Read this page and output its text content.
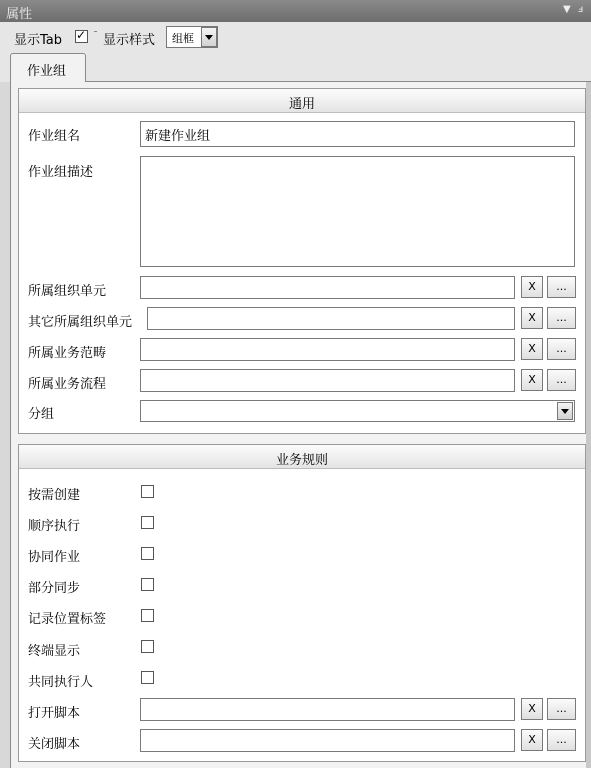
属性	▼ ⅎ
显示Tab	显示样式
✓ 组框
作业组
通用
作业组名	新建作业组
作业组描述
所属组织单元	X	...
其它所属组织单元	X	...
所属业务范畴	X	...
所属业务流程	X	...
分组
业务规则
按需创建
顺序执行
协同作业
部分同步
记录位置标签
终端显示
共同执行人
打开脚本	X	...
关闭脚本	X	...
